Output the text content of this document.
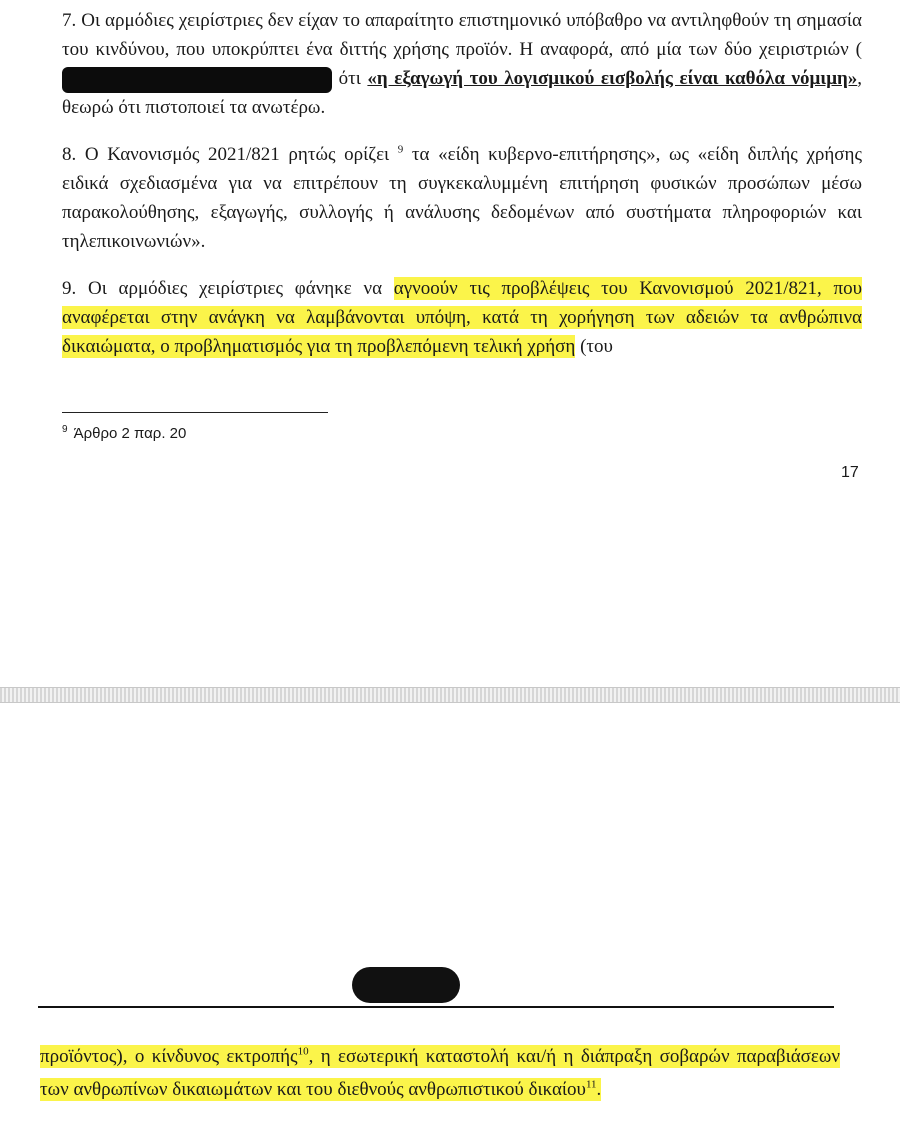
7. Οι αρμόδιες χειρίστριες δεν είχαν το απαραίτητο επιστημονικό υπόβαθρο να αντιληφθούν τη σημασία του κινδύνου, που υποκρύπτει ένα διττής χρήσης προϊόν. Η αναφορά, από μία των δύο χειριστριών ( ότι «η εξαγωγή του λογισμικού εισβολής είναι καθόλα νόμιμη», θεωρώ ότι πιστοποιεί τα ανωτέρω.

8. Ο Κανονισμός 2021/821 ρητώς ορίζει $^9$ τα «είδη κυβερνο-επιτήρησης», ως «είδη διπλής χρήσης ειδικά σχεδιασμένα για να επιτρέπουν τη συγκεκαλυμμένη επιτήρηση φυσικών προσώπων μέσω παρακολούθησης, εξαγωγής, συλλογής ή ανάλυσης δεδομένων από συστήματα πληροφοριών και τηλεπικοινωνιών».

9. Οι αρμόδιες χειρίστριες φάνηκε να αγνοούν τις προβλέψεις του Κανονισμού 2021/821, που αναφέρεται στην ανάγκη να λαμβάνονται υπόψη, κατά τη χορήγηση των αδειών τα ανθρώπινα δικαιώματα, ο προβληματισμός για τη προβλεπόμενη τελική χρήση (του

$^9$ Άρθρο 2 παρ. 20
17

προϊόντος), ο κίνδυνος εκτροπής$^{10}$, η εσωτερική καταστολή και/ή η διάπραξη σοβαρών παραβιάσεων των ανθρωπίνων δικαιωμάτων και του διεθνούς ανθρωπιστικού δικαίου$^{11}$.
